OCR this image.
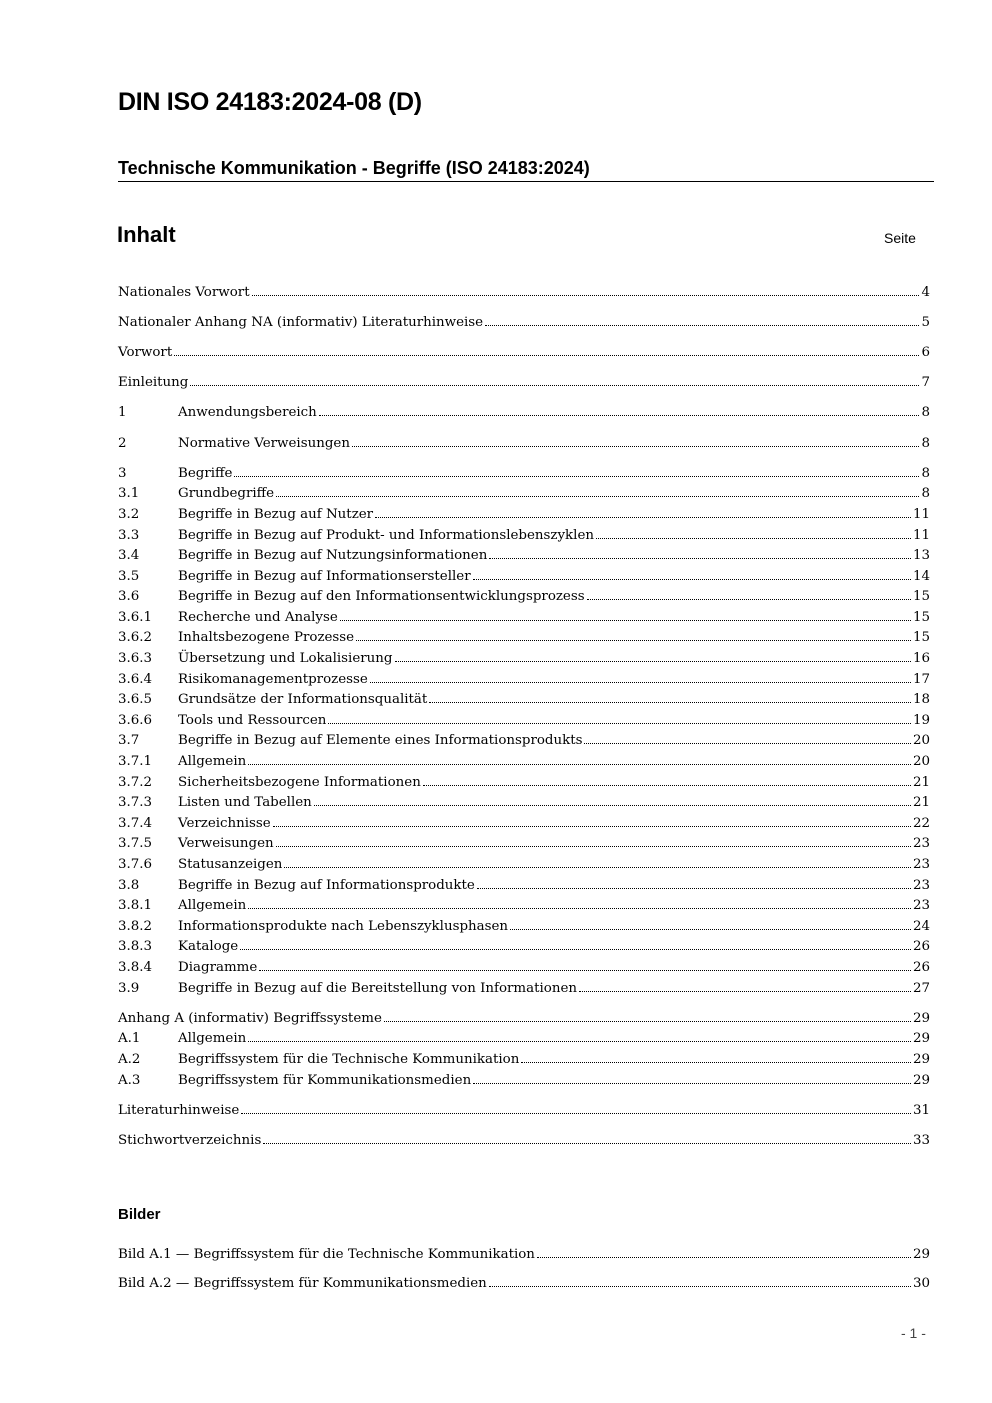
DIN ISO 24183:2024-08 (D)
Technische Kommunikation - Begriffe (ISO 24183:2024)
Inhalt	Seite
Nationales Vorwort	4
Nationaler Anhang NA (informativ) Literaturhinweise	5
Vorwort	6
Einleitung	7
1	Anwendungsbereich	8
2	Normative Verweisungen	8
3	Begriffe	8
3.1	Grundbegriffe	8
3.2	Begriffe in Bezug auf Nutzer	11
3.3	Begriffe in Bezug auf Produkt- und Informationslebenszyklen	11
3.4	Begriffe in Bezug auf Nutzungsinformationen	13
3.5	Begriffe in Bezug auf Informationsersteller	14
3.6	Begriffe in Bezug auf den Informationsentwicklungsprozess	15
3.6.1	Recherche und Analyse	15
3.6.2	Inhaltsbezogene Prozesse	15
3.6.3	Übersetzung und Lokalisierung	16
3.6.4	Risikomanagementprozesse	17
3.6.5	Grundsätze der Informationsqualität	18
3.6.6	Tools und Ressourcen	19
3.7	Begriffe in Bezug auf Elemente eines Informationsprodukts	20
3.7.1	Allgemein	20
3.7.2	Sicherheitsbezogene Informationen	21
3.7.3	Listen und Tabellen	21
3.7.4	Verzeichnisse	22
3.7.5	Verweisungen	23
3.7.6	Statusanzeigen	23
3.8	Begriffe in Bezug auf Informationsprodukte	23
3.8.1	Allgemein	23
3.8.2	Informationsprodukte nach Lebenszyklusphasen	24
3.8.3	Kataloge	26
3.8.4	Diagramme	26
3.9	Begriffe in Bezug auf die Bereitstellung von Informationen	27
Anhang A (informativ) Begriffssysteme	29
A.1	Allgemein	29
A.2	Begriffssystem für die Technische Kommunikation	29
A.3	Begriffssystem für Kommunikationsmedien	29
Literaturhinweise	31
Stichwortverzeichnis	33
Bilder
Bild A.1 — Begriffssystem für die Technische Kommunikation	29
Bild A.2 — Begriffssystem für Kommunikationsmedien	30
- 1 -
